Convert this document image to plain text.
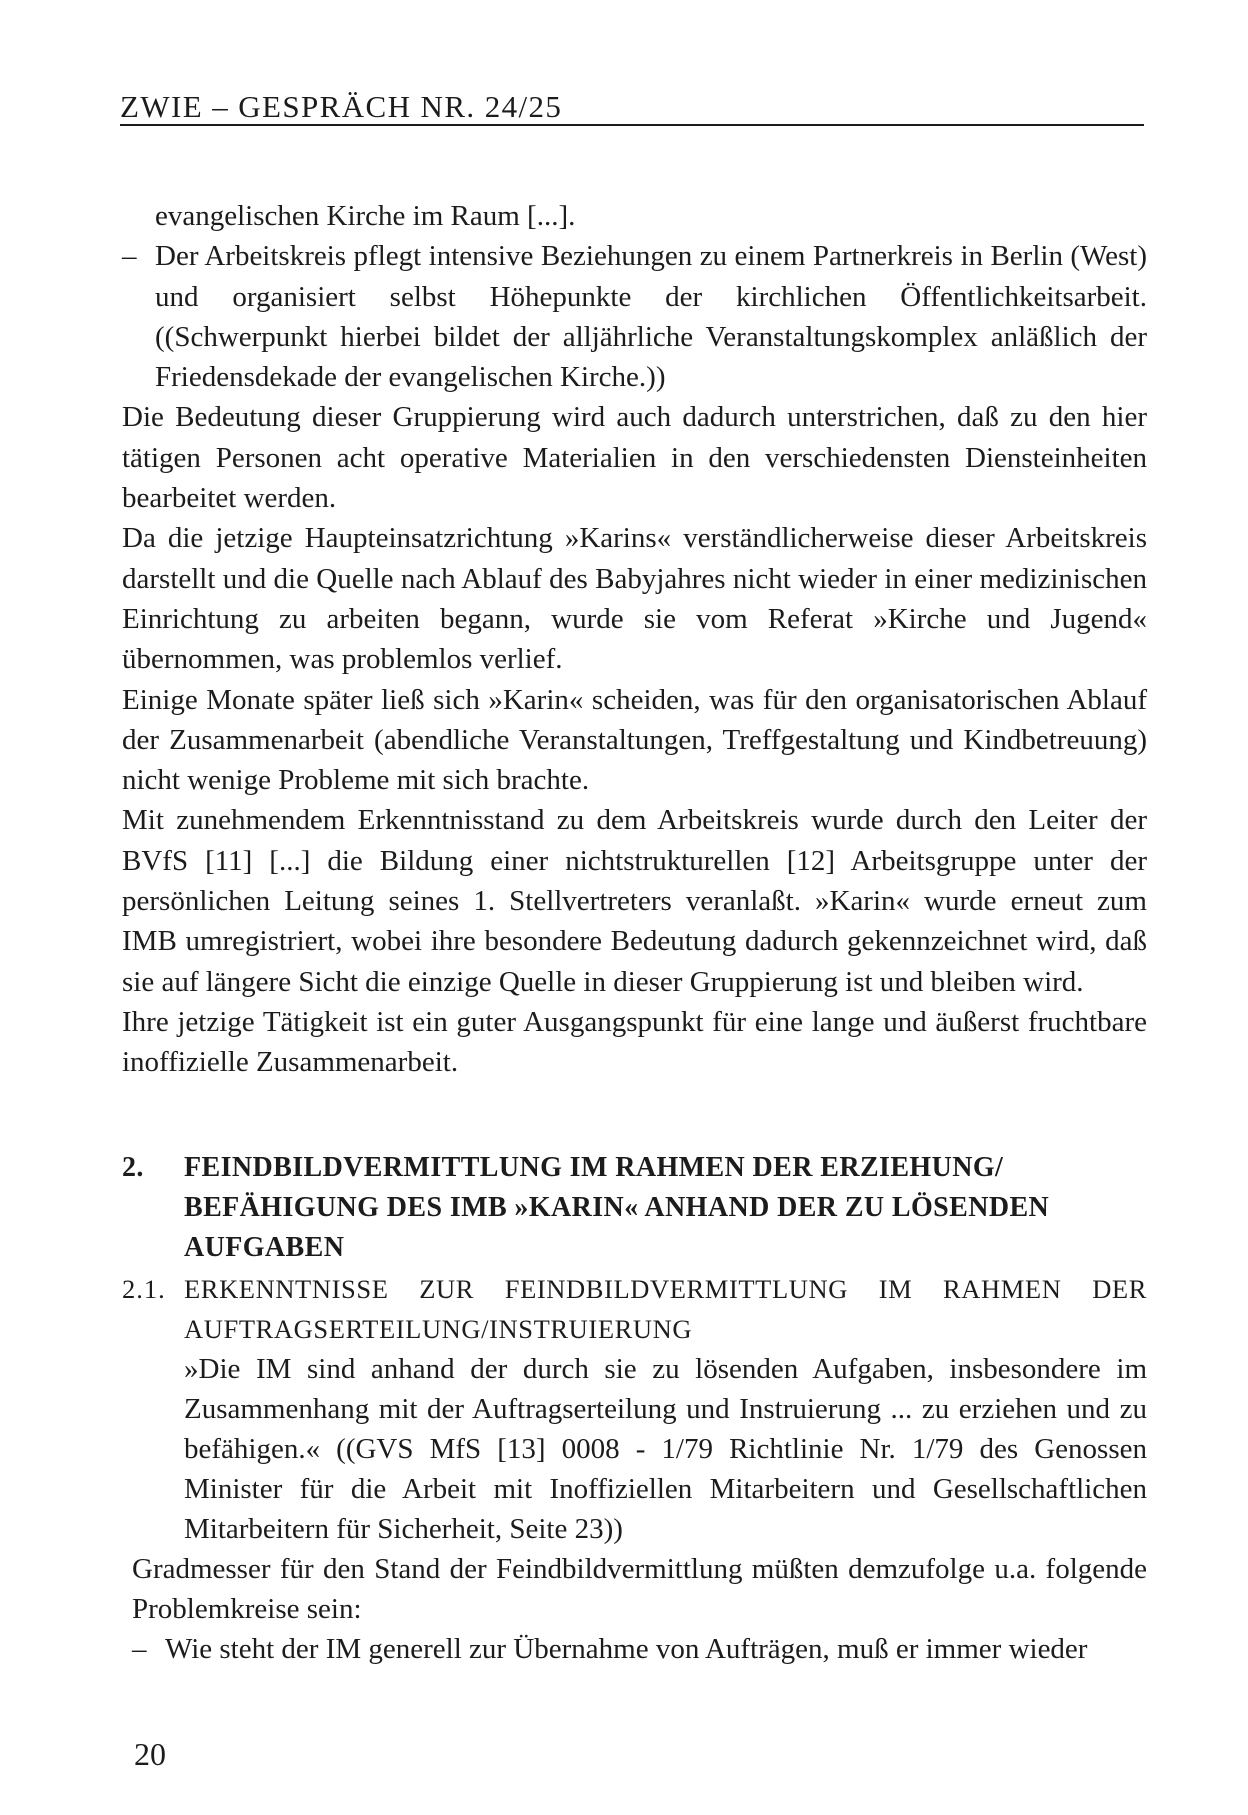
ZWIE – GESPRÄCH NR. 24/25

evangelischen Kirche im Raum [...].

– Der Arbeitskreis pflegt intensive Beziehungen zu einem Partnerkreis in Berlin (West) und organisiert selbst Höhepunkte der kirchlichen Öffentlichkeitsarbeit. ((Schwerpunkt hierbei bildet der alljährliche Veranstaltungskomplex anläßlich der Friedensdekade der evangelischen Kirche.))

Die Bedeutung dieser Gruppierung wird auch dadurch unterstrichen, daß zu den hier tätigen Personen acht operative Materialien in den verschiedensten Diensteinheiten bearbeitet werden.

Da die jetzige Haupteinsatzrichtung »Karins« verständlicherweise dieser Arbeitskreis darstellt und die Quelle nach Ablauf des Babyjahres nicht wieder in einer medizinischen Einrichtung zu arbeiten begann, wurde sie vom Referat »Kirche und Jugend« übernommen, was problemlos verlief.

Einige Monate später ließ sich »Karin« scheiden, was für den organisatorischen Ablauf der Zusammenarbeit (abendliche Veranstaltungen, Treffgestaltung und Kindbetreuung) nicht wenige Probleme mit sich brachte.

Mit zunehmendem Erkenntnisstand zu dem Arbeitskreis wurde durch den Leiter der BVfS [11] [...] die Bildung einer nichtstrukturellen [12] Arbeitsgruppe unter der persönlichen Leitung seines 1. Stellvertreters veranlaßt. »Karin« wurde erneut zum IMB umregistriert, wobei ihre besondere Bedeutung dadurch gekennzeichnet wird, daß sie auf längere Sicht die einzige Quelle in dieser Gruppierung ist und bleiben wird.

Ihre jetzige Tätigkeit ist ein guter Ausgangspunkt für eine lange und äußerst fruchtbare inoffizielle Zusammenarbeit.

2. FEINDBILDVERMITTLUNG IM RAHMEN DER ERZIEHUNG/ BEFÄHIGUNG DES IMB »KARIN« ANHAND DER ZU LÖSENDEN AUFGABEN
2.1. ERKENNTNISSE ZUR FEINDBILDVERMITTLUNG IM RAHMEN DER AUFTRAGSERTEILUNG/INSTRUIERUNG
»Die IM sind anhand der durch sie zu lösenden Aufgaben, insbesondere im Zusammenhang mit der Auftragserteilung und Instruierung ... zu erziehen und zu befähigen.« ((GVS MfS [13] 0008 - 1/79 Richtlinie Nr. 1/79 des Genossen Minister für die Arbeit mit Inoffiziellen Mitarbeitern und Gesellschaftlichen Mitarbeitern für Sicherheit, Seite 23))

Gradmesser für den Stand der Feindbildvermittlung müßten demzufolge u.a. folgende Problemkreise sein:

– Wie steht der IM generell zur Übernahme von Aufträgen, muß er immer wieder
20
